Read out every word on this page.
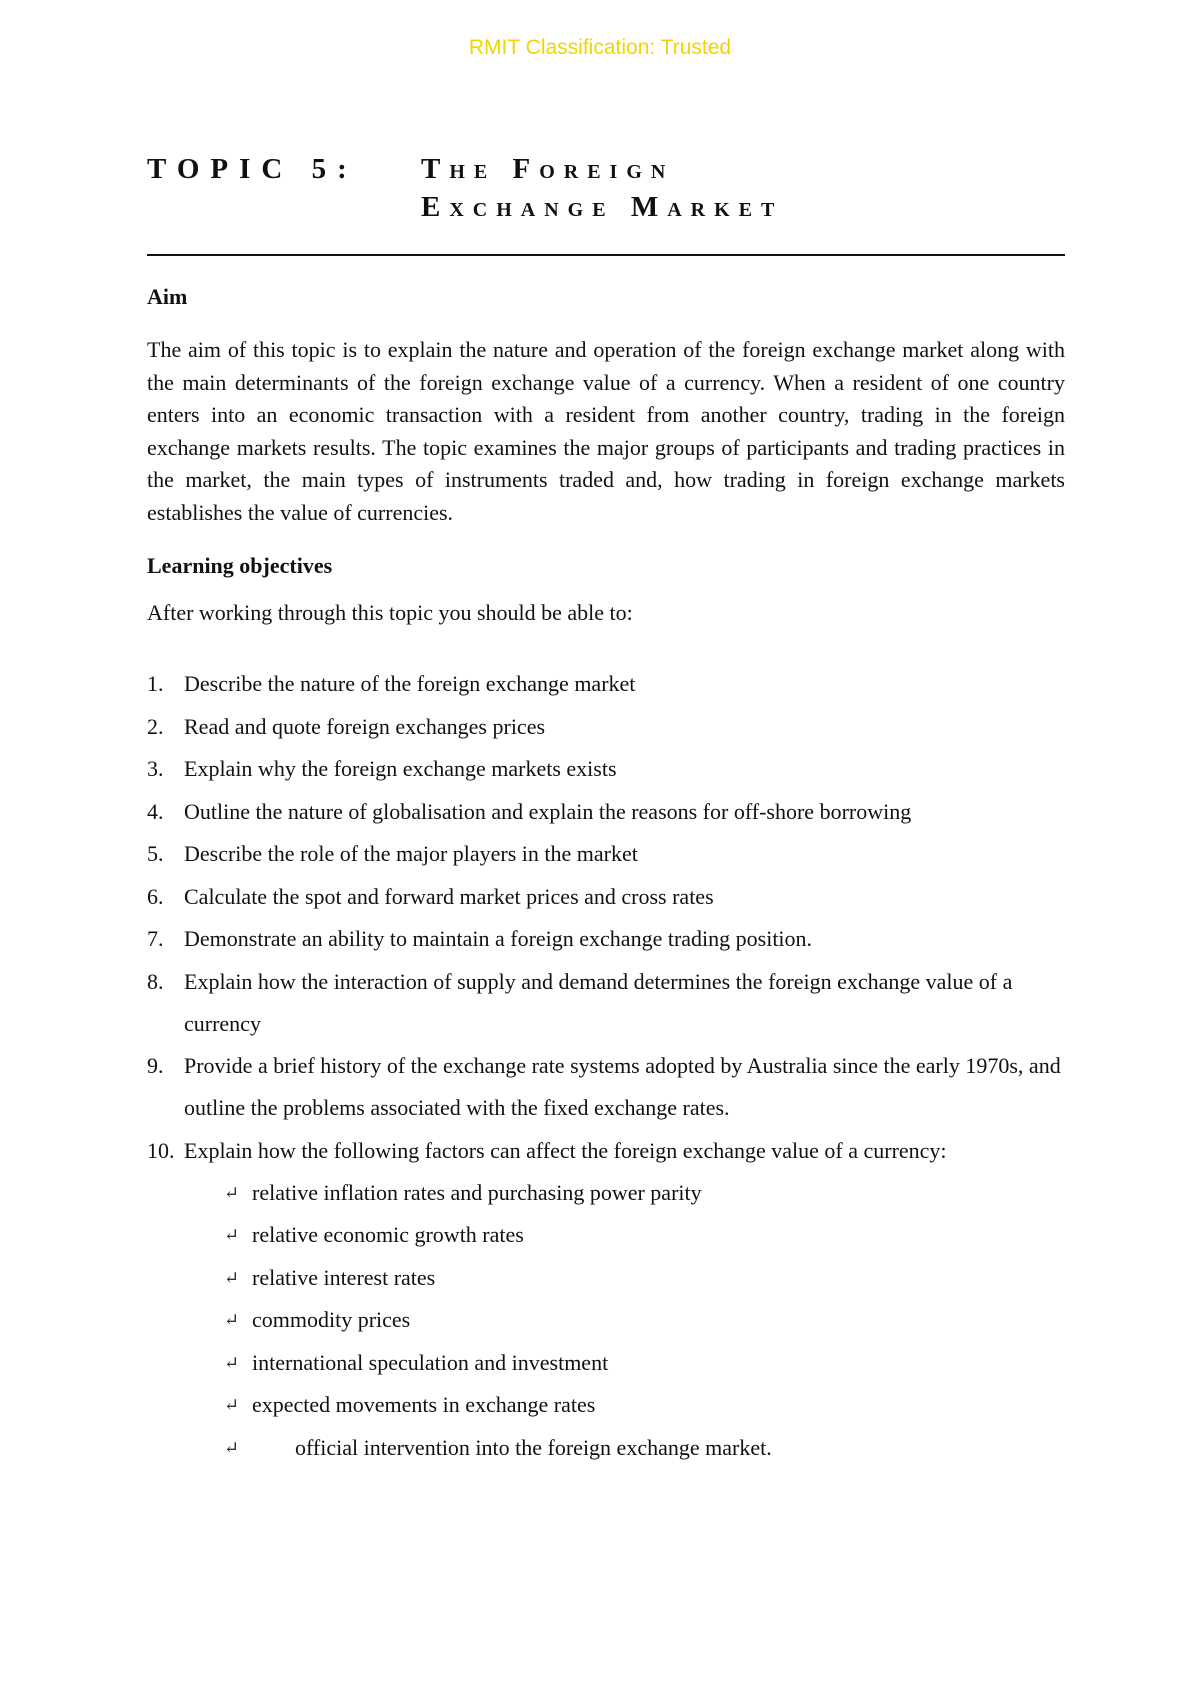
RMIT Classification: Trusted
TOPIC 5: The Foreign
Exchange Market
Aim
The aim of this topic is to explain the nature and operation of the foreign exchange market along with the main determinants of the foreign exchange value of a currency. When a resident of one country enters into an economic transaction with a resident from another country, trading in the foreign exchange markets results. The topic examines the major groups of participants and trading practices in the market, the main types of instruments traded and, how trading in foreign exchange markets establishes the value of currencies.
Learning objectives
After working through this topic you should be able to:
1. Describe the nature of the foreign exchange market
2. Read and quote foreign exchanges prices
3. Explain why the foreign exchange markets exists
4. Outline the nature of globalisation and explain the reasons for off-shore borrowing
5. Describe the role of the major players in the market
6. Calculate the spot and forward market prices and cross rates
7. Demonstrate an ability to maintain a foreign exchange trading position.
8. Explain how the interaction of supply and demand determines the foreign exchange value of a currency
9. Provide a brief history of the exchange rate systems adopted by Australia since the early 1970s, and outline the problems associated with the fixed exchange rates.
10. Explain how the following factors can affect the foreign exchange value of a currency:
↵ relative inflation rates and purchasing power parity
↵ relative economic growth rates
↵ relative interest rates
↵ commodity prices
↵ international speculation and investment
↵ expected movements in exchange rates
↵	official intervention into the foreign exchange market.
